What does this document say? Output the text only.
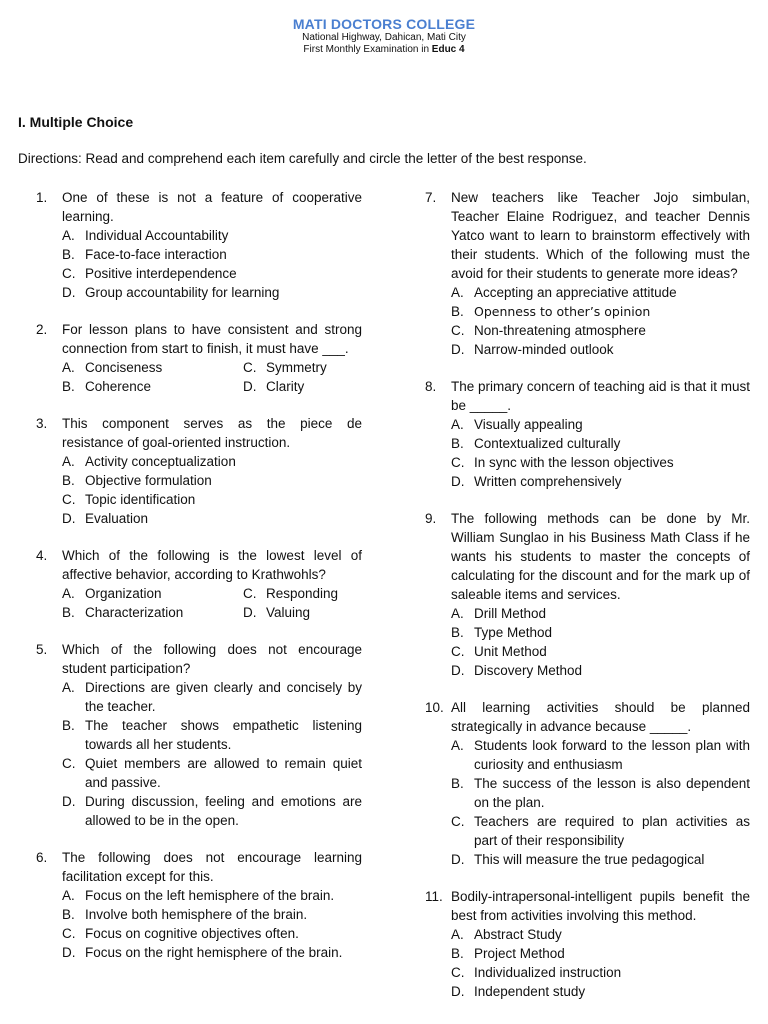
MATI DOCTORS COLLEGE
National Highway, Dahican, Mati City
First Monthly Examination in Educ 4
I. Multiple Choice
Directions: Read and comprehend each item carefully and circle the letter of the best response.
1.	One of these is not a feature of cooperative learning.
A. Individual Accountability
B. Face-to-face interaction
C. Positive interdependence
D. Group accountability for learning
2.	For lesson plans to have consistent and strong connection from start to finish, it must have ___.
A. Conciseness	C. Symmetry
B. Coherence	D. Clarity
3.	This component serves as the piece de resistance of goal-oriented instruction.
A. Activity conceptualization
B. Objective formulation
C. Topic identification
D. Evaluation
4.	Which of the following is the lowest level of affective behavior, according to Krathwohls?
A. Organization	C. Responding
B. Characterization	D. Valuing
5.	Which of the following does not encourage student participation?
A. Directions are given clearly and concisely by the teacher.
B. The teacher shows empathetic listening towards all her students.
C. Quiet members are allowed to remain quiet and passive.
D. During discussion, feeling and emotions are allowed to be in the open.
6.	The following does not encourage learning facilitation except for this.
A. Focus on the left hemisphere of the brain.
B. Involve both hemisphere of the brain.
C. Focus on cognitive objectives often.
D. Focus on the right hemisphere of the brain.
7.	New teachers like Teacher Jojo simbulan, Teacher Elaine Rodriguez, and teacher Dennis Yatco want to learn to brainstorm effectively with their students. Which of the following must the avoid for their students to generate more ideas?
A. Accepting an appreciative attitude
B. Openness to other’s opinion
C. Non-threatening atmosphere
D. Narrow-minded outlook
8.	The primary concern of teaching aid is that it must be _____.
A. Visually appealing
B. Contextualized culturally
C. In sync with the lesson objectives
D. Written comprehensively
9.	The following methods can be done by Mr. William Sunglao in his Business Math Class if he wants his students to master the concepts of calculating for the discount and for the mark up of saleable items and services.
A. Drill Method
B. Type Method
C. Unit Method
D. Discovery Method
10. All learning activities should be planned strategically in advance because _____.
A. Students look forward to the lesson plan with curiosity and enthusiasm
B. The success of the lesson is also dependent on the plan.
C. Teachers are required to plan activities as part of their responsibility
D. This will measure the true pedagogical
11. Bodily-intrapersonal-intelligent pupils benefit the best from activities involving this method.
A. Abstract Study
B. Project Method
C. Individualized instruction
D. Independent study
